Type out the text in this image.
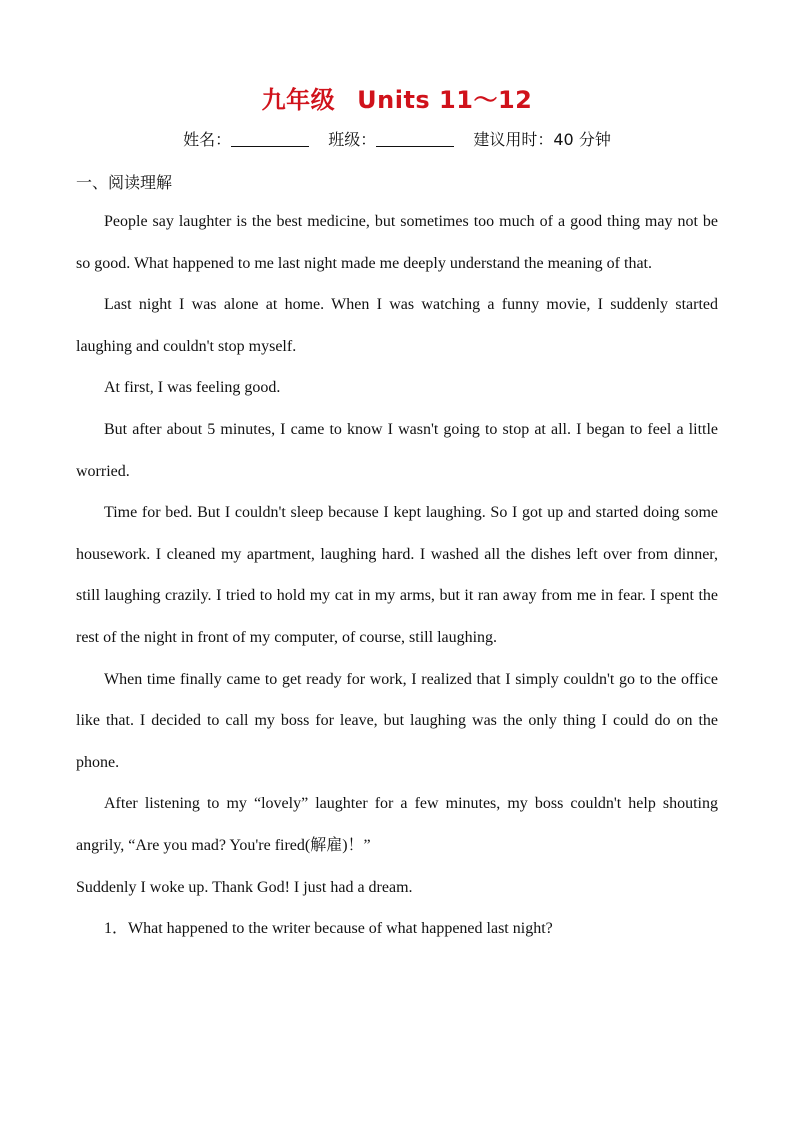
九年级 Units 11～12
姓名：	班级：	建议用时：40 分钟
一、阅读理解

People say laughter is the best medicine, but sometimes too much of a good thing may not be so good. What happened to me last night made me deeply understand the meaning of that.

Last night I was alone at home. When I was watching a funny movie, I suddenly started laughing and couldn't stop myself.

At first, I was feeling good.

But after about 5 minutes, I came to know I wasn't going to stop at all. I began to feel a little worried.

Time for bed. But I couldn't sleep because I kept laughing. So I got up and started doing some housework. I cleaned my apartment, laughing hard. I washed all the dishes left over from dinner, still laughing crazily. I tried to hold my cat in my arms, but it ran away from me in fear. I spent the rest of the night in front of my computer, of course, still laughing.

When time finally came to get ready for work, I realized that I simply couldn't go to the office like that. I decided to call my boss for leave, but laughing was the only thing I could do on the phone.

After listening to my “lovely” laughter for a few minutes, my boss couldn't help shouting angrily, “Are you mad? You're fired(解雇)！”

Suddenly I woke up. Thank God! I just had a dream.

1．What happened to the writer because of what happened last night?
